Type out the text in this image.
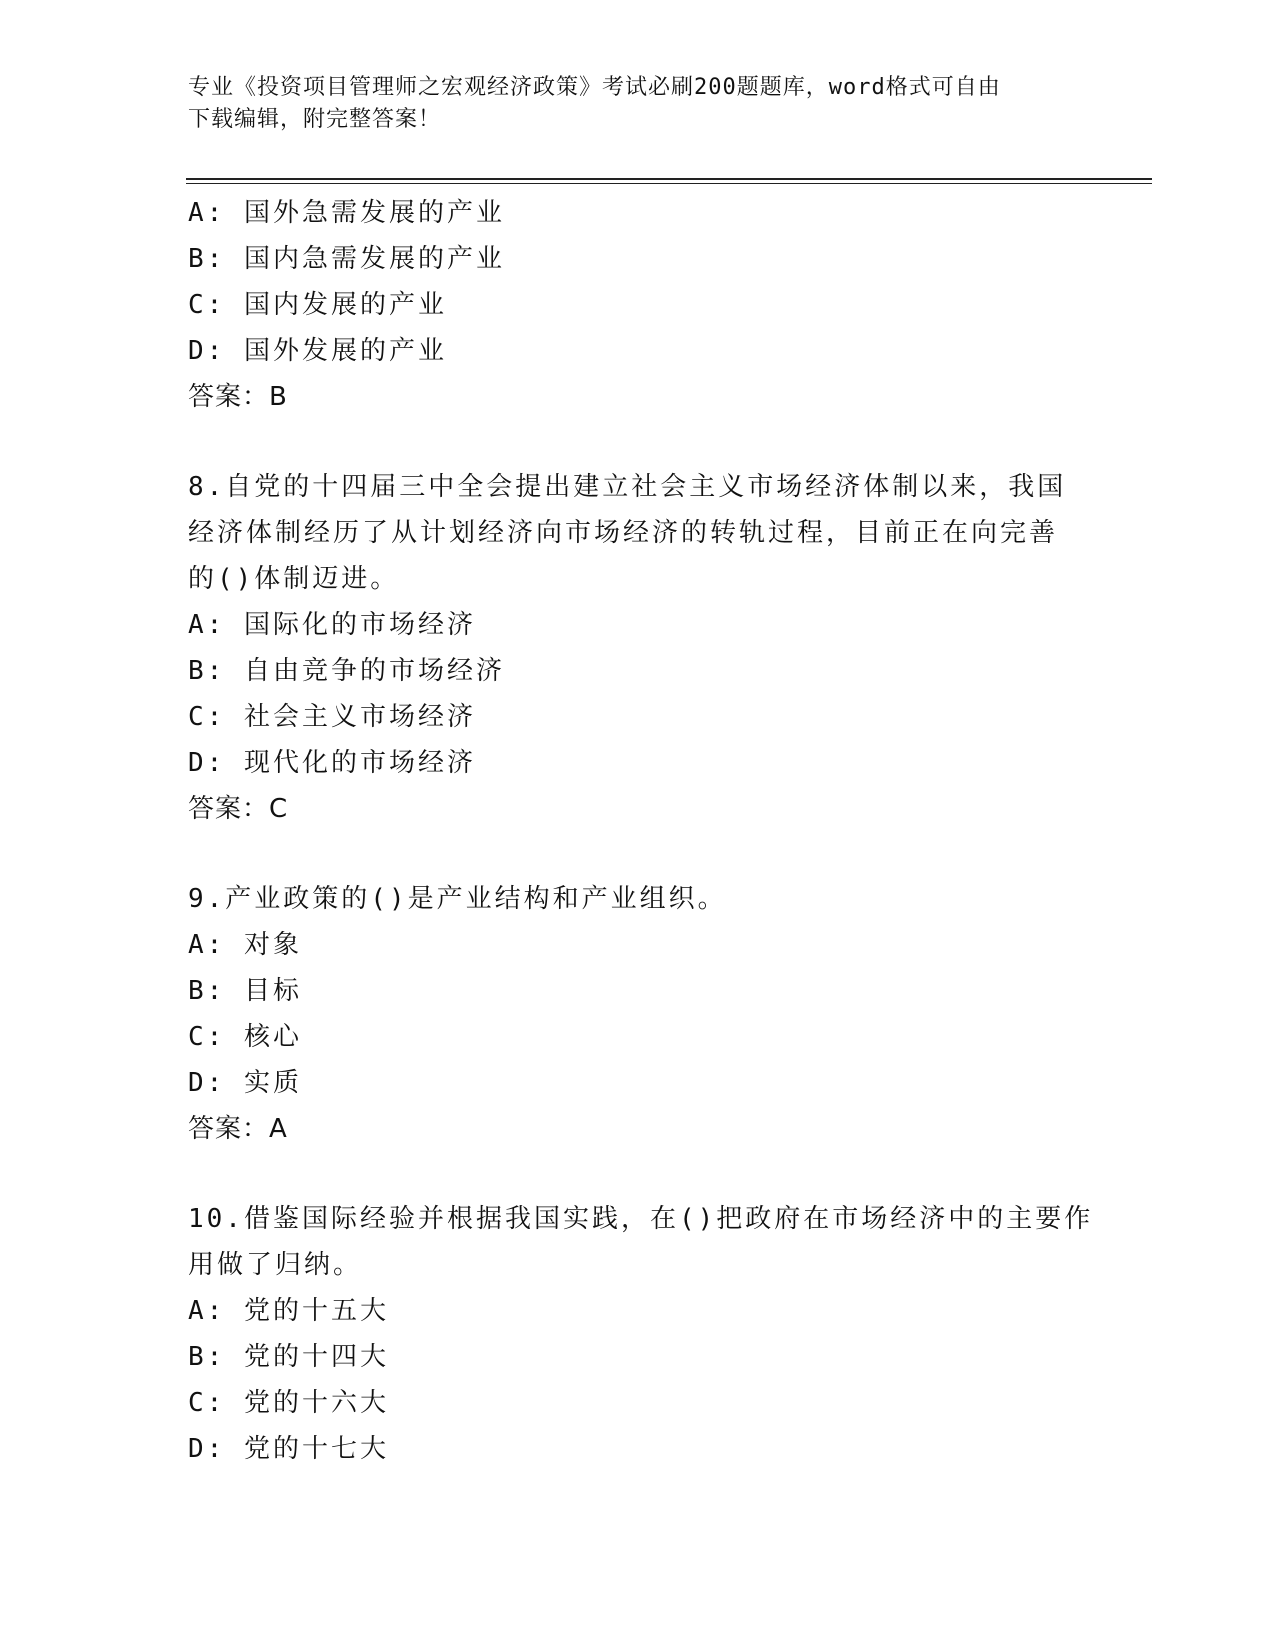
专业《投资项目管理师之宏观经济政策》考试必刷200题题库，word格式可自由
下载编辑，附完整答案！
A: 国外急需发展的产业
B: 国内急需发展的产业
C: 国内发展的产业
D: 国外发展的产业
答案：B
8.自党的十四届三中全会提出建立社会主义市场经济体制以来，我国
经济体制经历了从计划经济向市场经济的转轨过程，目前正在向完善
的()体制迈进。
A: 国际化的市场经济
B: 自由竞争的市场经济
C: 社会主义市场经济
D: 现代化的市场经济
答案：C
9.产业政策的()是产业结构和产业组织。
A: 对象
B: 目标
C: 核心
D: 实质
答案：A
10.借鉴国际经验并根据我国实践，在()把政府在市场经济中的主要作
用做了归纳。
A: 党的十五大
B: 党的十四大
C: 党的十六大
D: 党的十七大
